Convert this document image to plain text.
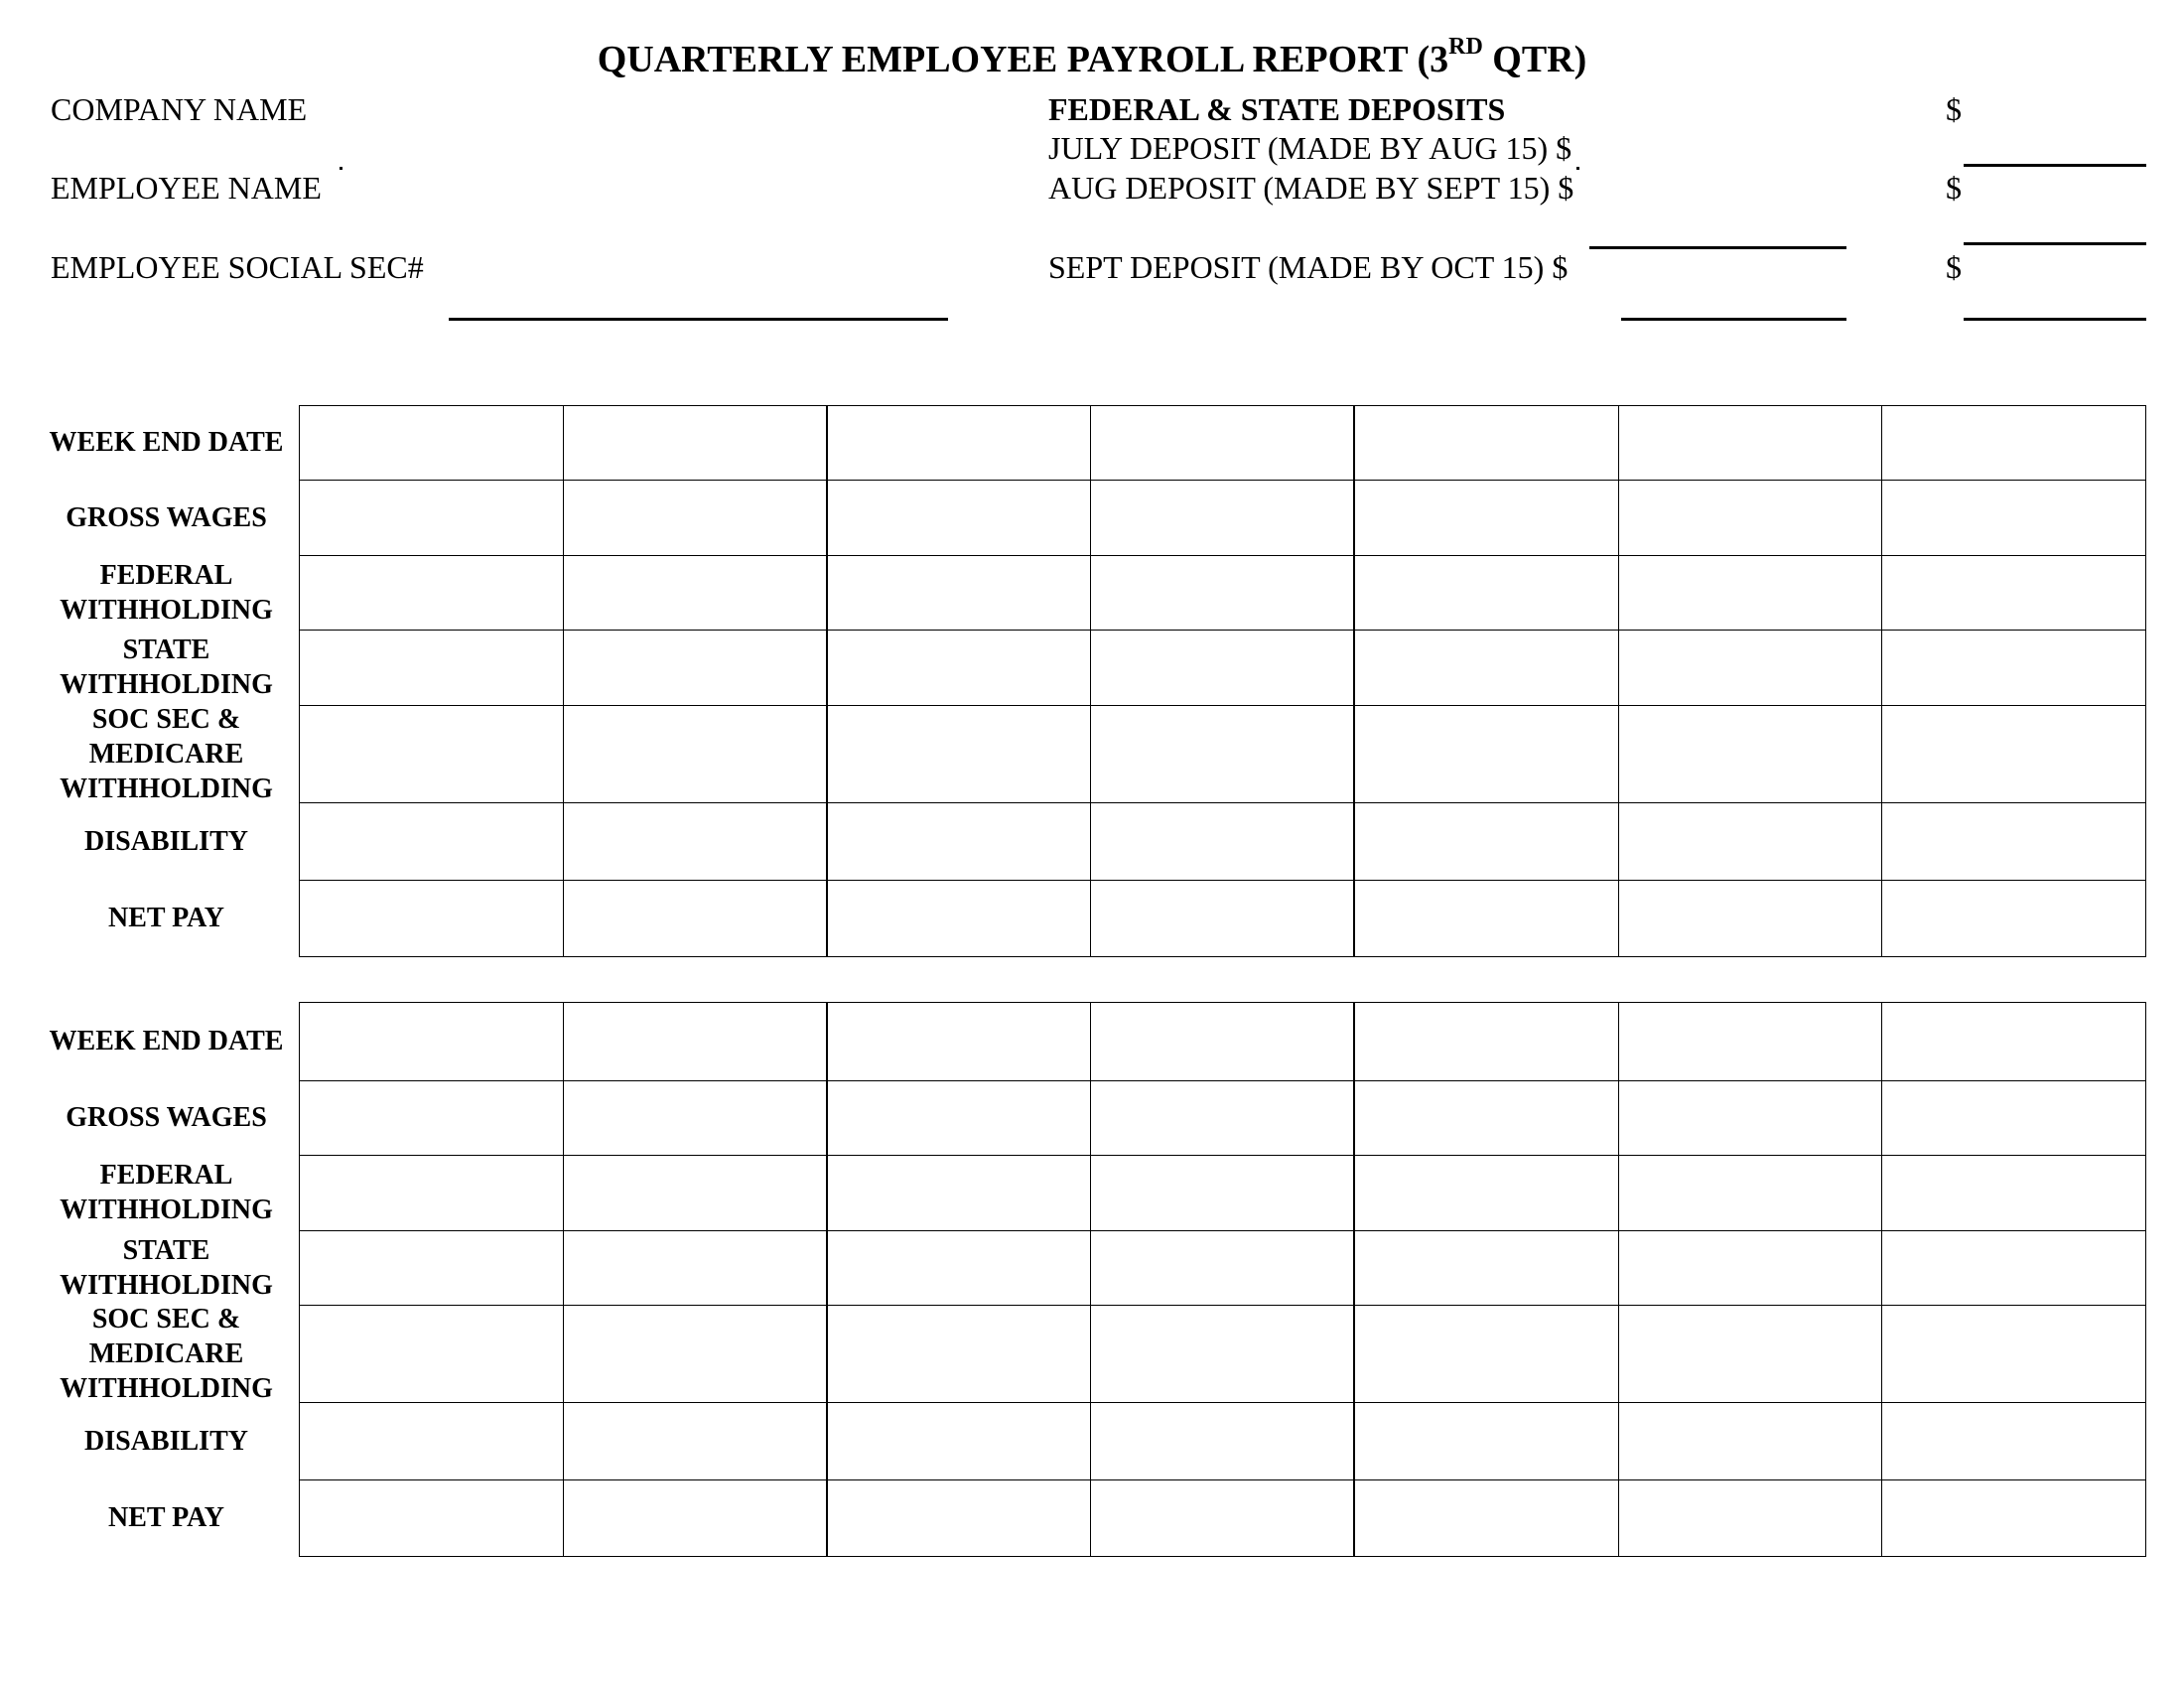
QUARTERLY EMPLOYEE PAYROLL REPORT (3RD QTR)
COMPANY NAME
EMPLOYEE NAME
EMPLOYEE SOCIAL SEC#
FEDERAL & STATE DEPOSITS
JULY DEPOSIT (MADE BY AUG 15) $
AUG DEPOSIT (MADE BY SEPT 15) $
SEPT DEPOSIT (MADE BY OCT 15) $
$
$
$
WEEK END DATE
GROSS WAGES
FEDERAL WITHHOLDING
STATE WITHHOLDING
SOC SEC & MEDICARE WITHHOLDING
DISABILITY
NET PAY

WEEK END DATE
GROSS WAGES
FEDERAL WITHHOLDING
STATE WITHHOLDING
SOC SEC & MEDICARE WITHHOLDING
DISABILITY
NET PAY
